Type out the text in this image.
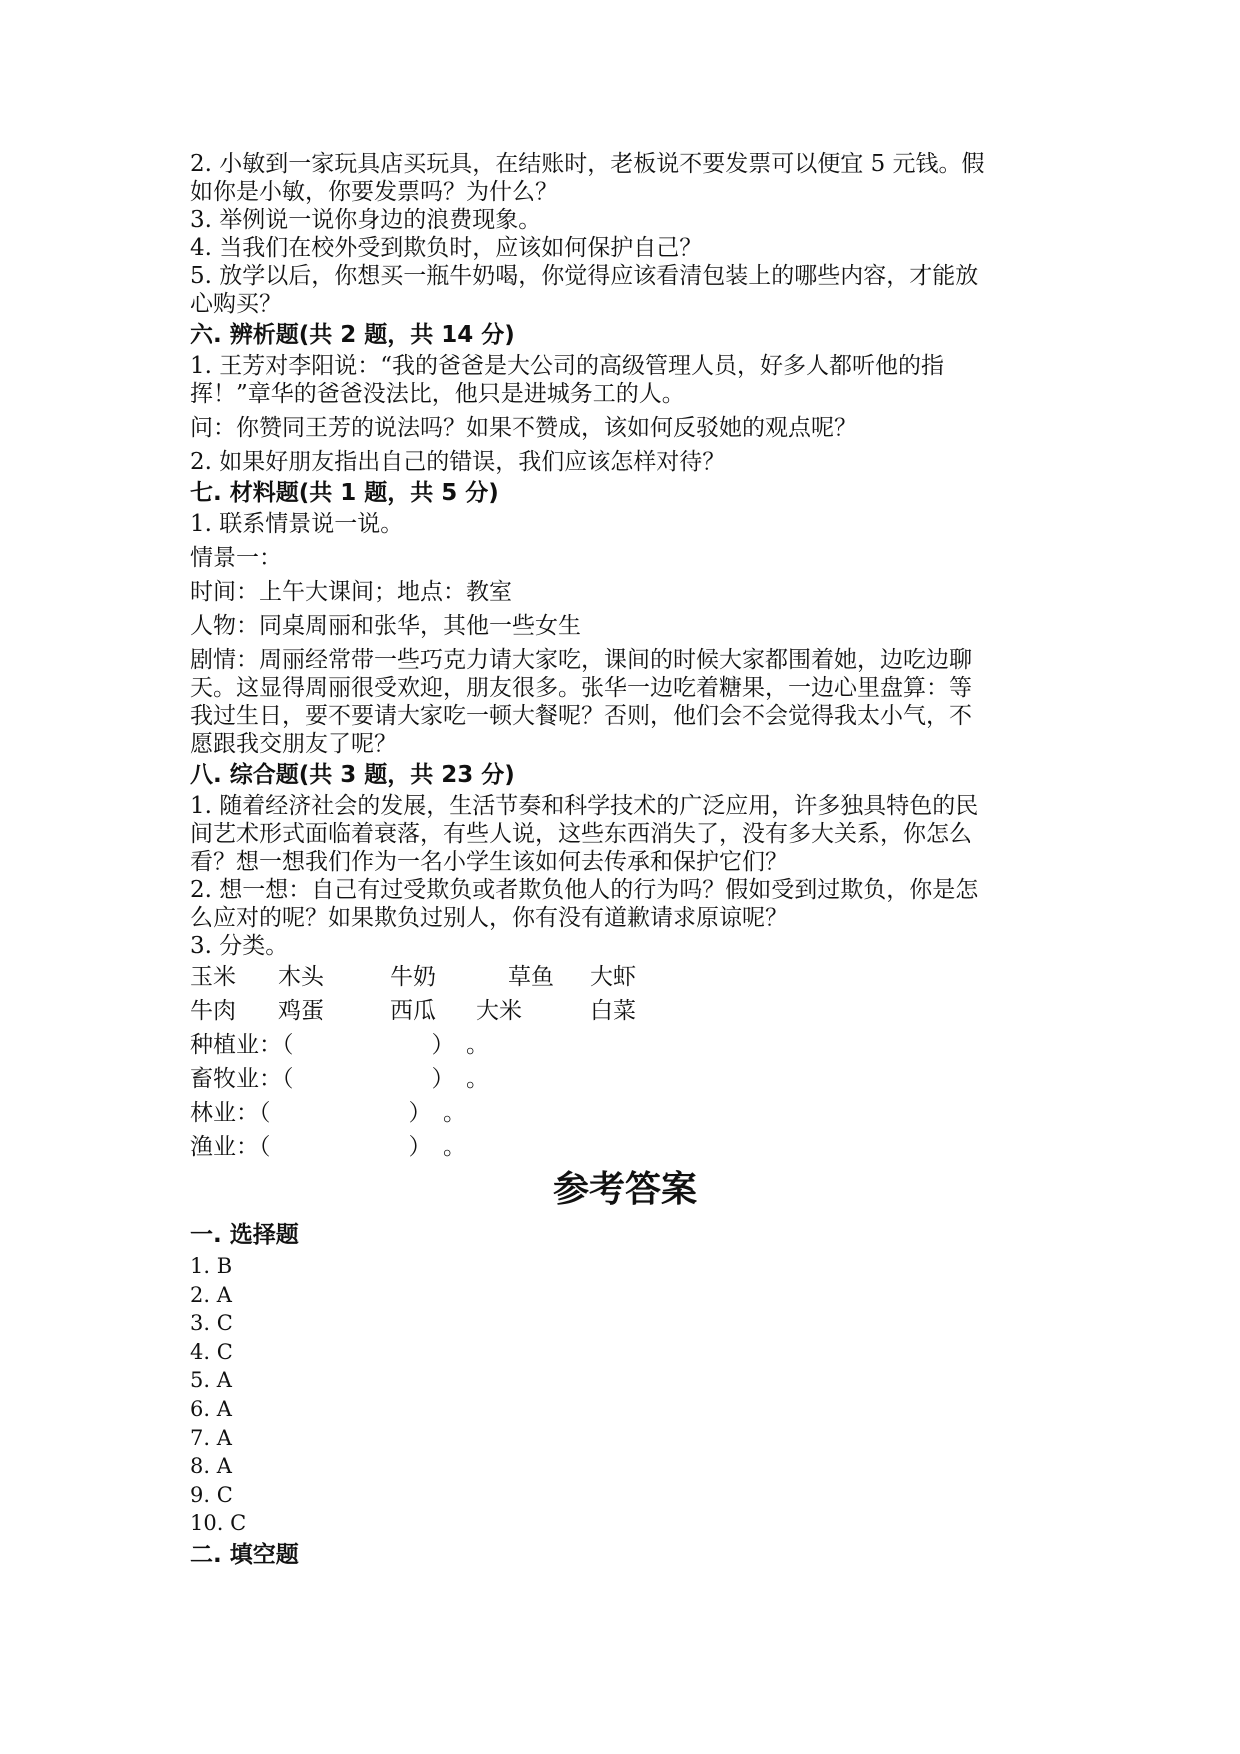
2. 小敏到一家玩具店买玩具，在结账时，老板说不要发票可以便宜 5 元钱。假
如你是小敏，你要发票吗？为什么？
3. 举例说一说你身边的浪费现象。
4. 当我们在校外受到欺负时，应该如何保护自己？
5. 放学以后，你想买一瓶牛奶喝，你觉得应该看清包装上的哪些内容，才能放
心购买？
六. 辨析题(共 2 题，共 14 分)
1. 王芳对李阳说：“我的爸爸是大公司的高级管理人员，好多人都听他的指
挥！”章华的爸爸没法比，他只是进城务工的人。
问：你赞同王芳的说法吗？如果不赞成，该如何反驳她的观点呢？
2. 如果好朋友指出自己的错误，我们应该怎样对待？
七. 材料题(共 1 题，共 5 分)
1. 联系情景说一说。
情景一：
时间：上午大课间；地点：教室
人物：同桌周丽和张华，其他一些女生
剧情：周丽经常带一些巧克力请大家吃，课间的时候大家都围着她，边吃边聊
天。这显得周丽很受欢迎，朋友很多。张华一边吃着糖果，一边心里盘算：等
我过生日，要不要请大家吃一顿大餐呢？否则，他们会不会觉得我太小气，不
愿跟我交朋友了呢？
八. 综合题(共 3 题，共 23 分)
1. 随着经济社会的发展，生活节奏和科学技术的广泛应用，许多独具特色的民
间艺术形式面临着衰落，有些人说，这些东西消失了，没有多大关系，你怎么
看？想一想我们作为一名小学生该如何去传承和保护它们？
2. 想一想：自己有过受欺负或者欺负他人的行为吗？假如受到过欺负，你是怎
么应对的呢？如果欺负过别人，你有没有道歉请求原谅呢？
3. 分类。
玉米 木头	牛奶	草鱼 大虾
牛肉 鸡蛋	西瓜 大米	白菜
种植业：（　　　　　　）　。
畜牧业：（　　　　　　）　。
林业：（　　　　　　）　。
渔业：（　　　　　　）　。
参考答案
一. 选择题
1. B
2. A
3. C
4. C
5. A
6. A
7. A
8. A
9. C
10. C
二. 填空题
